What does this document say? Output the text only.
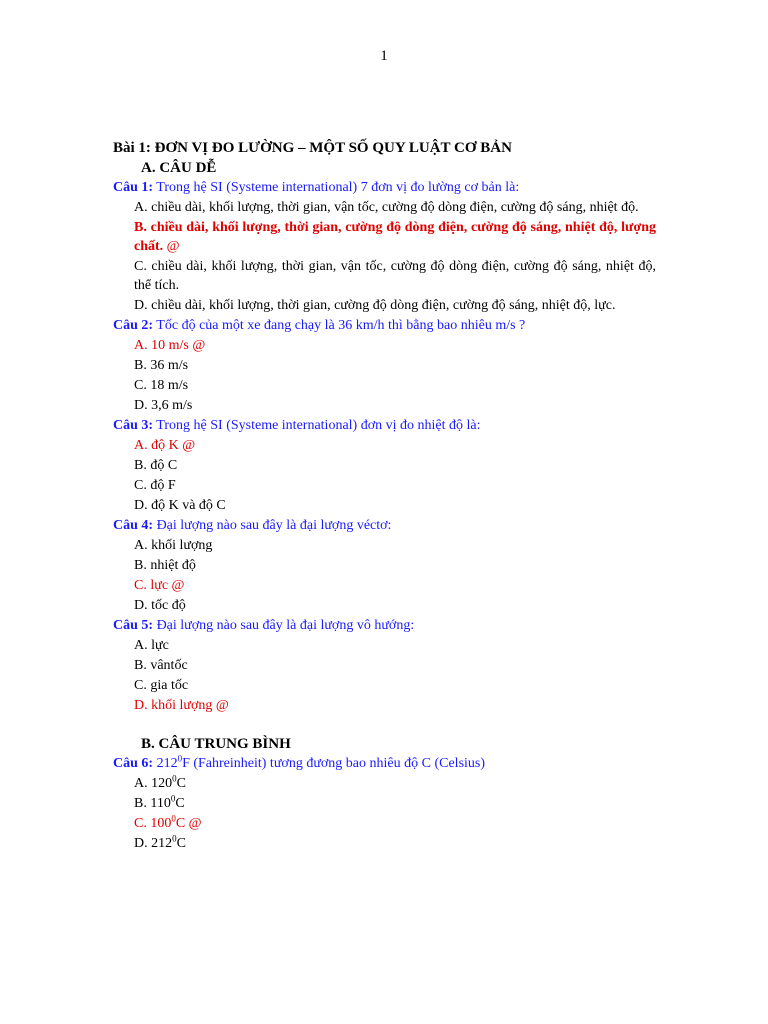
1

Bài 1: ĐƠN VỊ ĐO LƯỜNG – MỘT SỐ QUY LUẬT CƠ BẢN

A. CÂU DỄ

Câu 1: Trong hệ SI (Systeme international) 7 đơn vị đo lường cơ bản là:

A. chiều dài, khối lượng, thời gian, vận tốc, cường độ dòng điện, cường độ sáng, nhiệt độ.

B. chiều dài, khối lượng, thời gian, cường độ dòng điện, cường độ sáng, nhiệt độ, lượng chất. @

C. chiều dài, khối lượng, thời gian, vận tốc, cường độ dòng điện, cường độ sáng, nhiệt độ, thể tích.

D. chiều dài, khối lượng, thời gian, cường độ dòng điện, cường độ sáng, nhiệt độ, lực.

Câu 2: Tốc độ của một xe đang chạy là 36 km/h thì bằng bao nhiêu m/s ?

A. 10 m/s @

B. 36 m/s

C. 18 m/s

D. 3,6 m/s

Câu 3: Trong hệ SI (Systeme international) đơn vị đo nhiệt độ là:

A. độ K @

B. độ C

C. độ F

D. độ K và độ C

Câu 4: Đại lượng nào sau đây là đại lượng véctơ:

A. khối lượng

B. nhiệt độ

C. lực @

D. tốc độ

Câu 5: Đại lượng nào sau đây là đại lượng vô hướng:

A. lực

B. vântốc

C. gia tốc

D. khối lượng @

B. CÂU TRUNG BÌNH

Câu 6: $212^0F$ (Fahreinheit) tương đương bao nhiêu độ C (Celsius)

A. $120^0C$

B. $110^0C$

C. $100^0C$ @

D. $212^0C$
